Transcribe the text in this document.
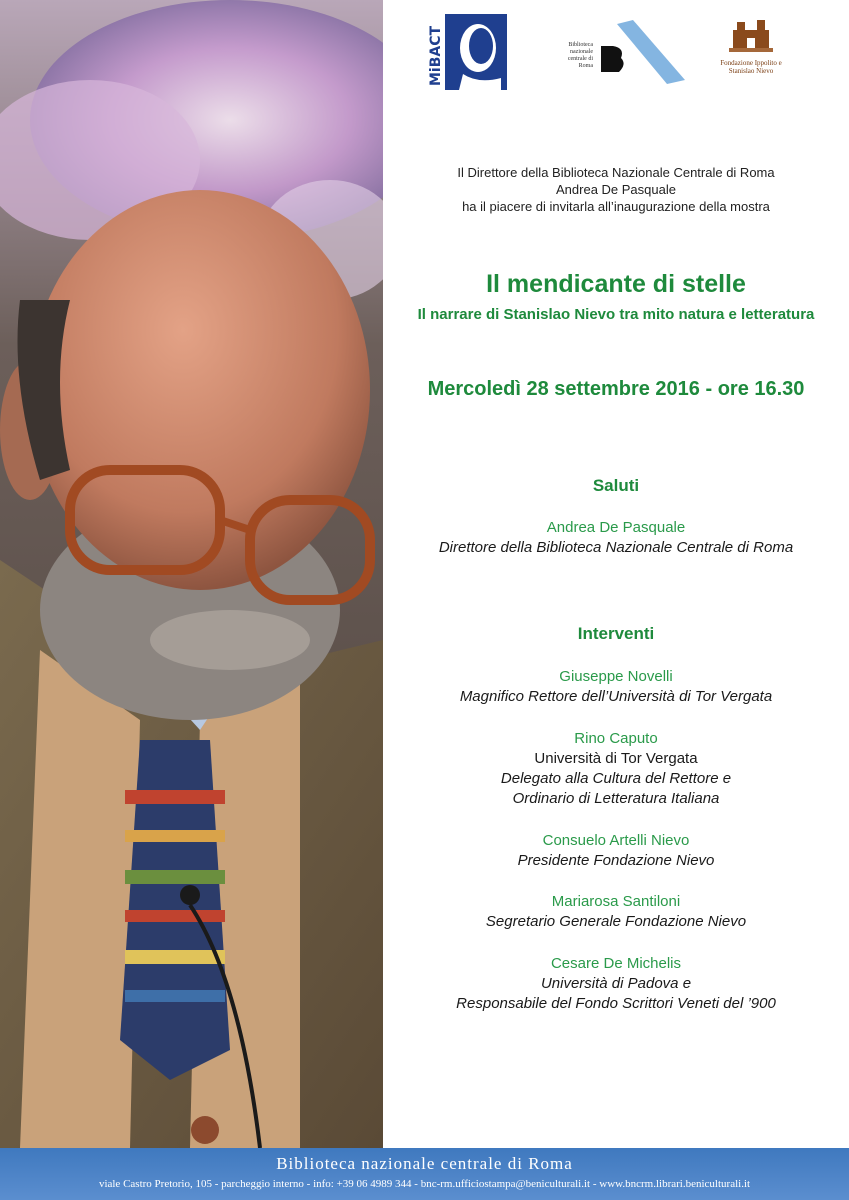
MiBACT	Biblioteca nazionale centrale di Roma	Fondazione Ippolito e Stanislao Nievo
Il Direttore della Biblioteca Nazionale Centrale di Roma
Andrea De Pasquale
ha il piacere di invitarla all’inaugurazione della mostra
Il mendicante di stelle
Il narrare di Stanislao Nievo tra mito natura e letteratura
Mercoledì 28 settembre 2016 - ore 16.30
Saluti
Andrea De Pasquale
Direttore della Biblioteca Nazionale Centrale di Roma
Interventi
Giuseppe Novelli
Magnifico Rettore dell’Università di Tor Vergata
Rino Caputo
Università di Tor Vergata
Delegato alla Cultura del Rettore e
Ordinario di Letteratura Italiana
Consuelo Artelli Nievo
Presidente Fondazione Nievo
Mariarosa Santiloni
Segretario Generale Fondazione Nievo
Cesare De Michelis
Università di Padova e
Responsabile del Fondo Scrittori Veneti del ’900
Biblioteca nazionale centrale di Roma
viale Castro Pretorio, 105 - parcheggio interno - info: +39 06 4989 344 - bnc-rm.ufficiostampa@beniculturali.it - www.bncrm.librari.beniculturali.it
